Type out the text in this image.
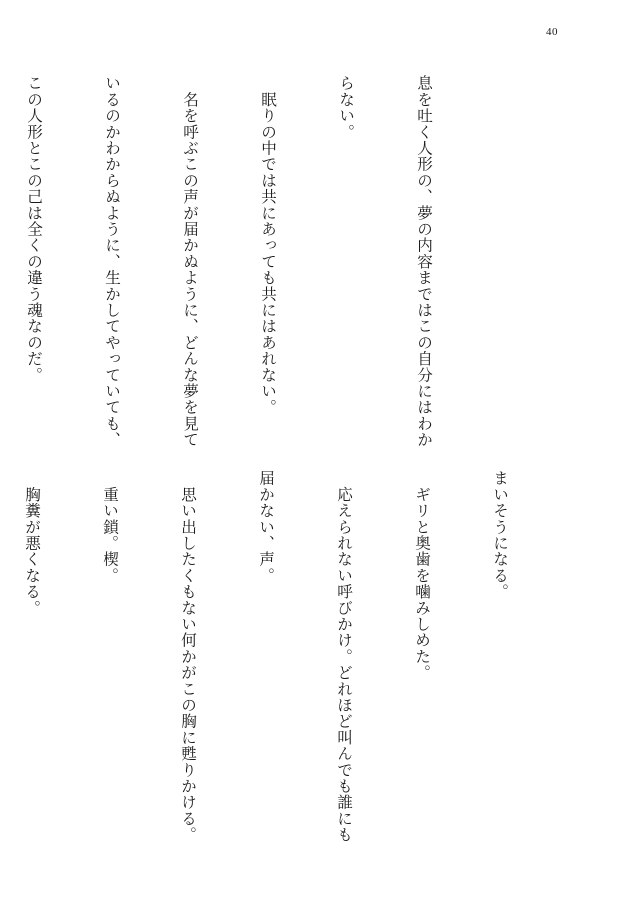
40

息を吐く人形の、夢の内容まではこの自分にはわか

らない。

　眠りの中では共にあっても共にはあれない。

　名を呼ぶこの声が届かぬように、どんな夢を見て

いるのかわからぬように、生かしてやっていても、

この人形とこの己は全くの違う魂なのだ。

まいそうになる。

　ギリと奥歯を噛みしめた。

　応えられない呼びかけ。どれほど叫んでも誰にも

届かない、声。

　思い出したくもない何かがこの胸に甦りかける。

　重い鎖。楔。

　胸糞が悪くなる。
